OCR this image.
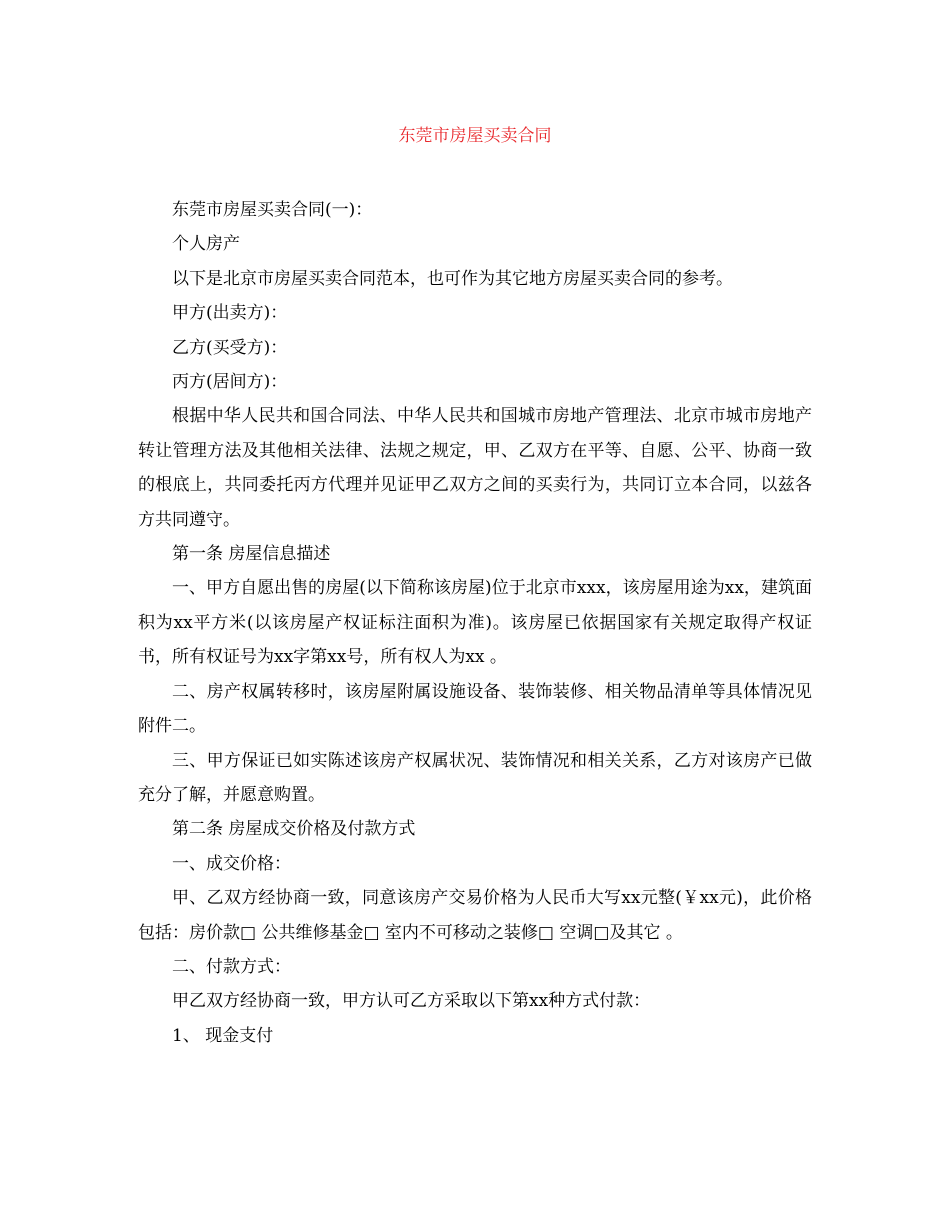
东莞市房屋买卖合同

东莞市房屋买卖合同(一)：

个人房产

以下是北京市房屋买卖合同范本，也可作为其它地方房屋买卖合同的参考。

甲方(出卖方)：

乙方(买受方)：

丙方(居间方)：

根据中华人民共和国合同法、中华人民共和国城市房地产管理法、北京市城市房地产转让管理方法及其他相关法律、法规之规定，甲、乙双方在平等、自愿、公平、协商一致的根底上，共同委托丙方代理并见证甲乙双方之间的买卖行为，共同订立本合同，以兹各方共同遵守。

第一条 房屋信息描述

一、甲方自愿出售的房屋(以下简称该房屋)位于北京市xxx，该房屋用途为xx，建筑面积为xx平方米(以该房屋产权证标注面积为准)。该房屋已依据国家有关规定取得产权证书，所有权证号为xx字第xx号，所有权人为xx 。

二、房产权属转移时，该房屋附属设施设备、装饰装修、相关物品清单等具体情况见附件二。

三、甲方保证已如实陈述该房产权属状况、装饰情况和相关关系，乙方对该房产已做充分了解，并愿意购置。

第二条 房屋成交价格及付款方式

一、成交价格：

甲、乙双方经协商一致，同意该房产交易价格为人民币大写xx元整(￥xx元)，此价格包括：房价款□ 公共维修基金□ 室内不可移动之装修□ 空调□及其它 。

二、付款方式：

甲乙双方经协商一致，甲方认可乙方采取以下第xx种方式付款：

1、 现金支付
